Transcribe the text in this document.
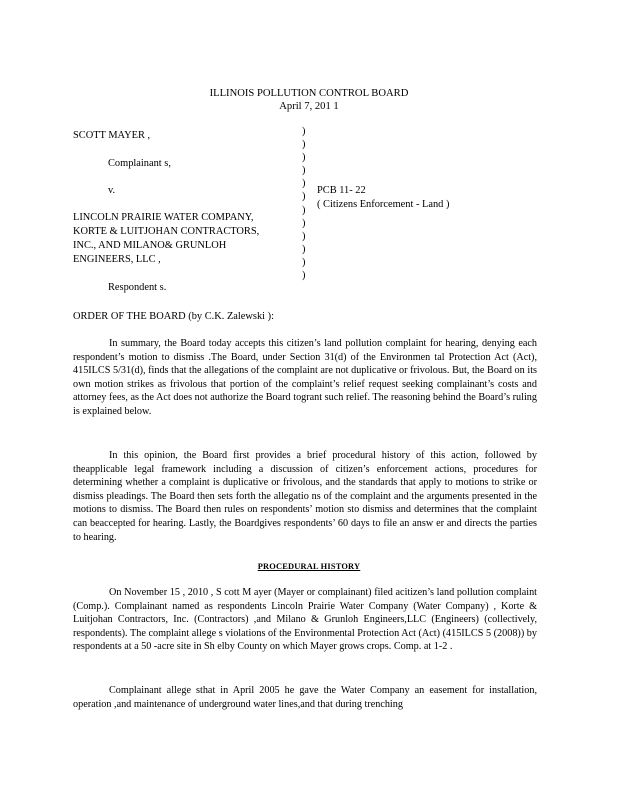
ILLINOIS POLLUTION CONTROL BOARD
April 7, 201 1
SCOTT MAYER ,
Complainant s,
v.
LINCOLN PRAIRIE WATER COMPANY,
KORTE & LUITJOHAN CONTRACTORS,
INC., AND MILANO& GRUNLOH
ENGINEERS, LLC ,
Respondent s.
)
)
)
)
)
)
)
)
)
)
)
)
PCB 11- 22
( Citizens Enforcement - Land )
ORDER OF THE BOARD (by C.K. Zalewski ):
In summary, the Board today accepts this citizen’s land pollution complaint for hearing, denying each respondent’s motion to dismiss .The Board, under Section 31(d) of the Environmen tal Protection Act (Act), 415ILCS 5/31(d), finds that the allegations of the complaint are not duplicative or frivolous. But, the Board on its own motion strikes as frivolous that portion of the complaint’s relief request seeking complainant’s costs and attorney fees, as the Act does not authorize the Board togrant such relief. The reasoning behind the Board’s ruling is explained below.
In this opinion, the Board first provides a brief procedural history of this action, followed by theapplicable legal framework including a discussion of citizen’s enforcement actions, procedures for determining whether a complaint is duplicative or frivolous, and the standards that apply to motions to strike or dismiss pleadings. The Board then sets forth the allegatio ns of the complaint and the arguments presented in the motions to dismiss. The Board then rules on respondents’ motion sto dismiss and determines that the complaint can beaccepted for hearing. Lastly, the Boardgives respondents’ 60 days to file an answ er and directs the parties to hearing.
PROCEDURAL HISTORY
On November 15 , 2010 , S cott M ayer (Mayer or complainant) filed acitizen’s land pollution complaint (Comp.). Complainant named as respondents Lincoln Prairie Water Company (Water Company) , Korte & Luitjohan Contractors, Inc. (Contractors) ,and Milano & Grunloh Engineers,LLC (Engineers) (collectively, respondents). The complaint allege s violations of the Environmental Protection Act (Act) (415ILCS 5 (2008)) by respondents at a 50 -acre site in Sh elby County on which Mayer grows crops. Comp. at 1-2 .
Complainant allege sthat in April 2005 he gave the Water Company an easement for installation, operation ,and maintenance of underground water lines,and that during trenching
